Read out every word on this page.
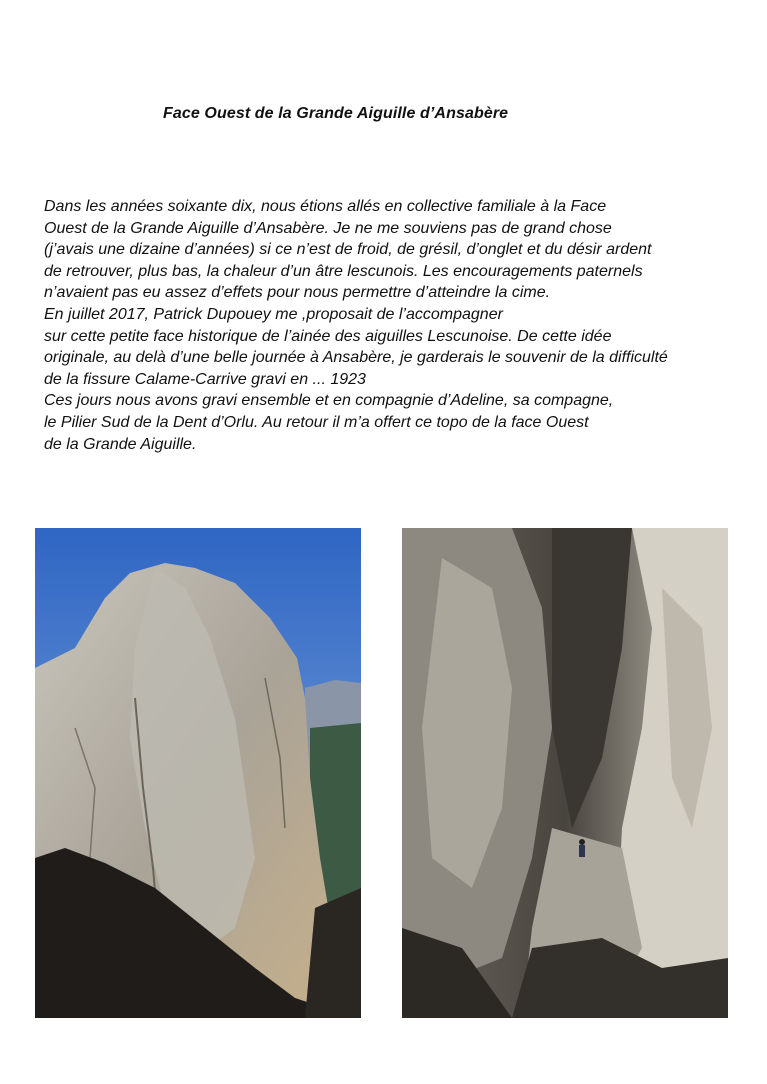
Face Ouest de la Grande Aiguille d’Ansabère
Dans les années soixante dix, nous étions allés en collective familiale à la Face
Ouest de la Grande Aiguille d’Ansabère. Je ne me souviens pas de grand chose
(j’avais une dizaine d’années) si ce n’est de froid, de grésil, d’onglet et du désir ardent
de retrouver, plus bas, la chaleur d’un âtre lescunois. Les encouragements paternels
n’avaient pas eu assez d’effets pour nous permettre d’atteindre la cime.
En juillet 2017, Patrick Dupouey me ,proposait de l’accompagner
sur cette petite face historique de l’ainée des aiguilles Lescunoise. De cette idée
originale, au delà d’une belle journée à Ansabère, je garderais le souvenir de la difficulté
de la fissure Calame-Carrive gravi en ... 1923
Ces jours nous avons gravi ensemble et en compagnie d’Adeline, sa compagne,
le Pilier Sud de la Dent d’Orlu. Au retour il m’a offert ce topo de la face Ouest
de la Grande Aiguille.
